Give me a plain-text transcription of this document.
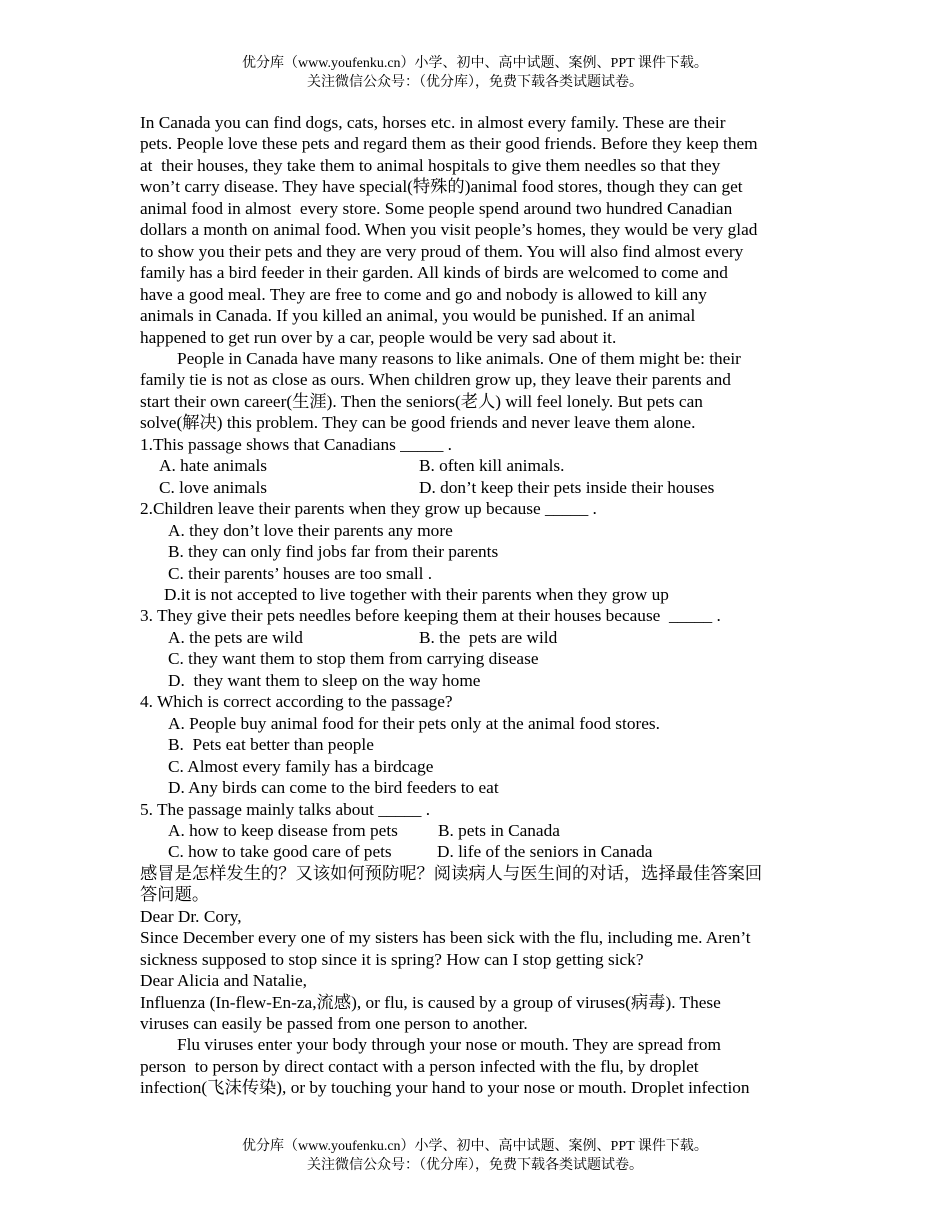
优分库（www.youfenku.cn）小学、初中、高中试题、案例、PPT 课件下载。
关注微信公众号：（优分库），免费下载各类试题试卷。
In Canada you can find dogs, cats, horses etc. in almost every family. These are their
pets. People love these pets and regard them as their good friends. Before they keep them
at  their houses, they take them to animal hospitals to give them needles so that they
won’t carry disease. They have special(特殊的)animal food stores, though they can get
animal food in almost  every store. Some people spend around two hundred Canadian
dollars a month on animal food. When you visit people’s homes, they would be very glad
to show you their pets and they are very proud of them. You will also find almost every
family has a bird feeder in their garden. All kinds of birds are welcomed to come and
have a good meal. They are free to come and go and nobody is allowed to kill any
animals in Canada. If you killed an animal, you would be punished. If an animal
happened to get run over by a car, people would be very sad about it.
People in Canada have many reasons to like animals. One of them might be: their
family tie is not as close as ours. When children grow up, they leave their parents and
start their own career(生涯). Then the seniors(老人) will feel lonely. But pets can
solve(解决) this problem. They can be good friends and never leave them alone.
1.This passage shows that Canadians _____ .
A. hate animals	B. often kill animals.
C. love animals	D. don’t keep their pets inside their houses
2.Children leave their parents when they grow up because _____ .
A. they don’t love their parents any more
B. they can only find jobs far from their parents
C. their parents’ houses are too small .
D.it is not accepted to live together with their parents when they grow up
3. They give their pets needles before keeping them at their houses because  _____ .
A. the pets are wild	B. the  pets are wild
C. they want them to stop them from carrying disease
D.  they want them to sleep on the way home
4. Which is correct according to the passage?
A. People buy animal food for their pets only at the animal food stores.
B.  Pets eat better than people
C. Almost every family has a birdcage
D. Any birds can come to the bird feeders to eat
5. The passage mainly talks about _____ .
A. how to keep disease from pets	B. pets in Canada
C. how to take good care of pets	D. life of the seniors in Canada
感冒是怎样发生的？又该如何预防呢？阅读病人与医生间的对话，选择最佳答案回
答问题。
Dear Dr. Cory,
Since December every one of my sisters has been sick with the flu, including me. Aren’t
sickness supposed to stop since it is spring? How can I stop getting sick?
Dear Alicia and Natalie,
Influenza (In-flew-En-za,流感), or flu, is caused by a group of viruses(病毒). These
viruses can easily be passed from one person to another.
Flu viruses enter your body through your nose or mouth. They are spread from
person  to person by direct contact with a person infected with the flu, by droplet
infection(飞沫传染), or by touching your hand to your nose or mouth. Droplet infection
优分库（www.youfenku.cn）小学、初中、高中试题、案例、PPT 课件下载。
关注微信公众号：（优分库），免费下载各类试题试卷。
